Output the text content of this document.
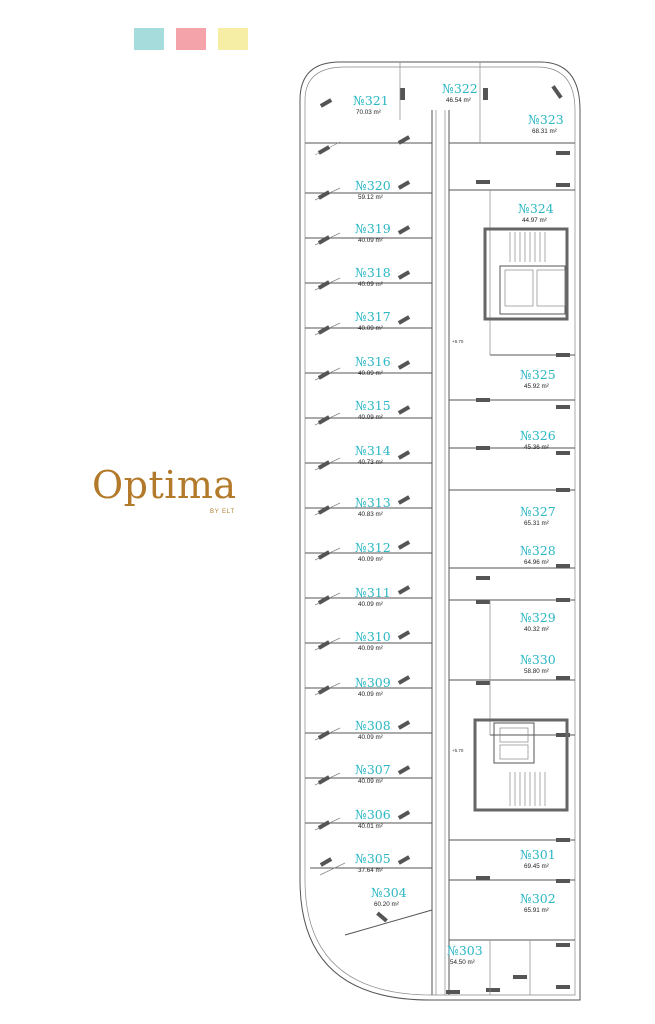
Optima
BY ELT
+9.70
+5.70
№321
70.03 m²
№322
46.54 m²
№323
68.31 m²
№320
59.12 m²
№324
44.97 m²
№319
40.09 m²
№318
40.09 m²
№317
40.09 m²
№316
40.09 m²	№325
45.92 m²
№315
40.09 m²
№326
45.36 m²
№314
40.73 m²
№313
40.83 m²	№327
65.31 m²
№312
40.09 m²
№328
64.96 m²
№311
40.09 m²
№329
40.32 m²
№310
40.09 m²
№330
58.80 m²
№309
40.09 m²
№308
40.09 m²
№307
40.09 m²
№306
40.01 m²
№301
69.45 m²
№305
37.64 m²
№304
60.20 m²	№302
65.91 m²
№303
54.50 m²
